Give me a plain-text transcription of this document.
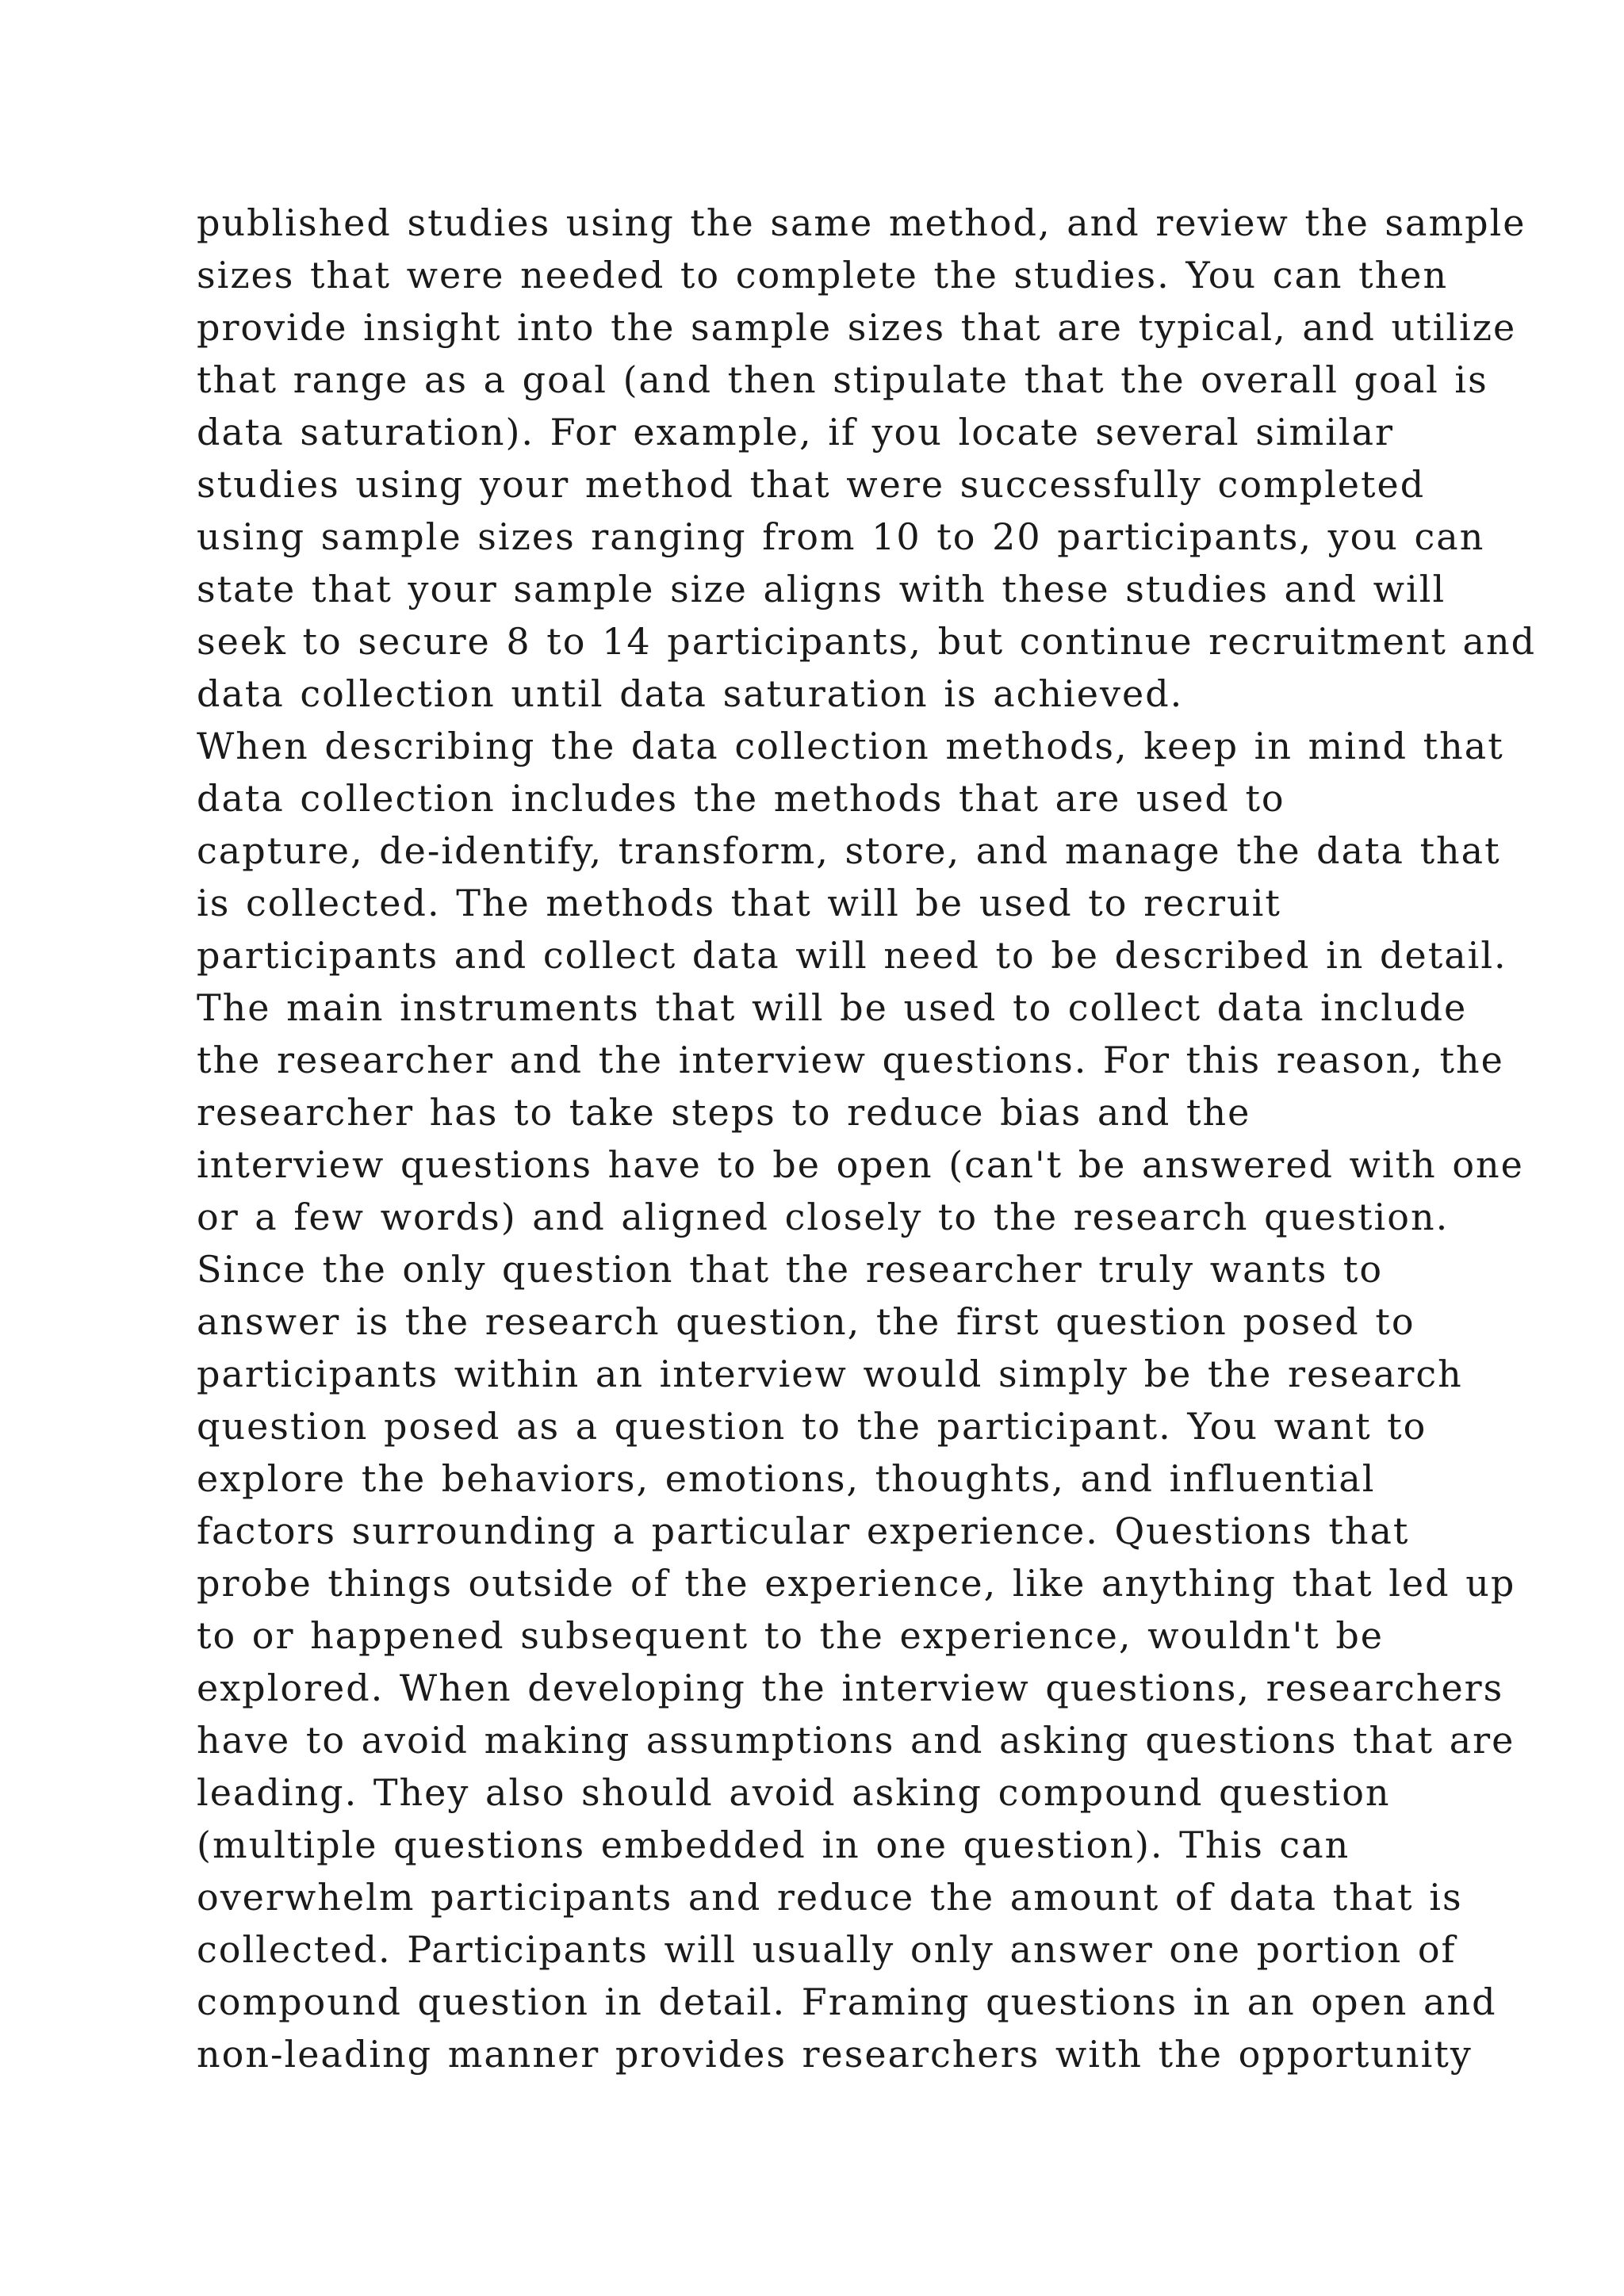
published studies using the same method, and review the sample
sizes that were needed to complete the studies. You can then
provide insight into the sample sizes that are typical, and utilize
that range as a goal (and then stipulate that the overall goal is
data saturation). For example, if you locate several similar
studies using your method that were successfully completed
using sample sizes ranging from 10 to 20 participants, you can
state that your sample size aligns with these studies and will
seek to secure 8 to 14 participants, but continue recruitment and
data collection until data saturation is achieved.
When describing the data collection methods, keep in mind that
data collection includes the methods that are used to
capture, de-identify, transform, store, and manage the data that
is collected. The methods that will be used to recruit
participants and collect data will need to be described in detail.
The main instruments that will be used to collect data include
the researcher and the interview questions. For this reason, the
researcher has to take steps to reduce bias and the
interview questions have to be open (can't be answered with one
or a few words) and aligned closely to the research question.
Since the only question that the researcher truly wants to
answer is the research question, the first question posed to
participants within an interview would simply be the research
question posed as a question to the participant. You want to
explore the behaviors, emotions, thoughts, and influential
factors surrounding a particular experience. Questions that
probe things outside of the experience, like anything that led up
to or happened subsequent to the experience, wouldn't be
explored. When developing the interview questions, researchers
have to avoid making assumptions and asking questions that are
leading. They also should avoid asking compound question
(multiple questions embedded in one question). This can
overwhelm participants and reduce the amount of data that is
collected. Participants will usually only answer one portion of
compound question in detail. Framing questions in an open and
non-leading manner provides researchers with the opportunity
